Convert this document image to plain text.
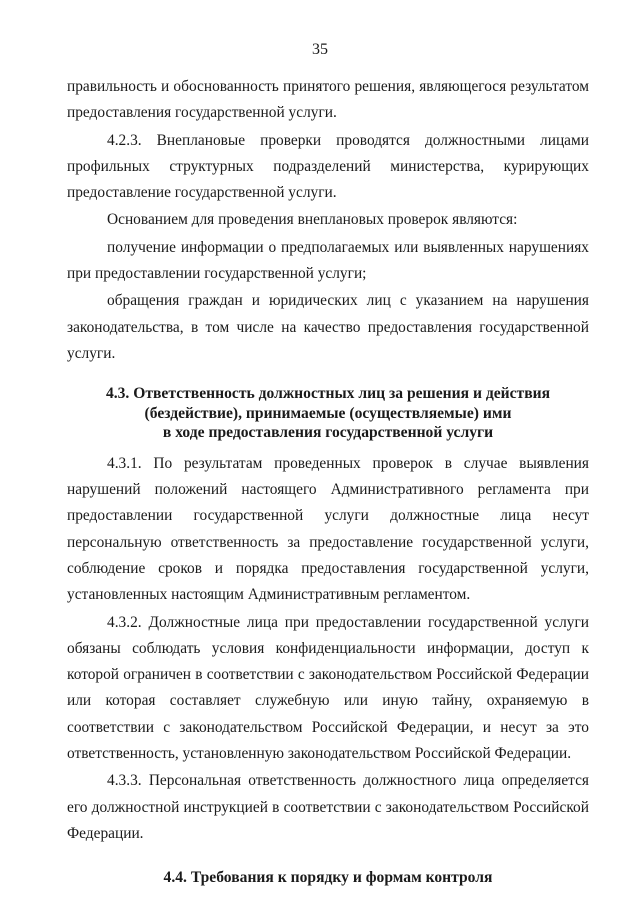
35

правильность и обоснованность принятого решения, являющегося результатом предоставления государственной услуги.

4.2.3. Внеплановые проверки проводятся должностными лицами профильных структурных подразделений министерства, курирующих предоставление государственной услуги.

Основанием для проведения внеплановых проверок являются:

получение информации о предполагаемых или выявленных нарушениях при предоставлении государственной услуги;

обращения граждан и юридических лиц с указанием на нарушения законодательства, в том числе на качество предоставления государственной услуги.

4.3. Ответственность должностных лиц за решения и действия
(бездействие), принимаемые (осуществляемые) ими
в ходе предоставления государственной услуги

4.3.1. По результатам проведенных проверок в случае выявления нарушений положений настоящего Административного регламента при предоставлении государственной услуги должностные лица несут персональную ответственность за предоставление государственной услуги, соблюдение сроков и порядка предоставления государственной услуги, установленных настоящим Административным регламентом.

4.3.2. Должностные лица при предоставлении государственной услуги обязаны соблюдать условия конфиденциальности информации, доступ к которой ограничен в соответствии с законодательством Российской Федерации или которая составляет служебную или иную тайну, охраняемую в соответствии с законодательством Российской Федерации, и несут за это ответственность, установленную законодательством Российской Федерации.

4.3.3. Персональная ответственность должностного лица определяется его должностной инструкцией в соответствии с законодательством Российской Федерации.

4.4. Требования к порядку и формам контроля
